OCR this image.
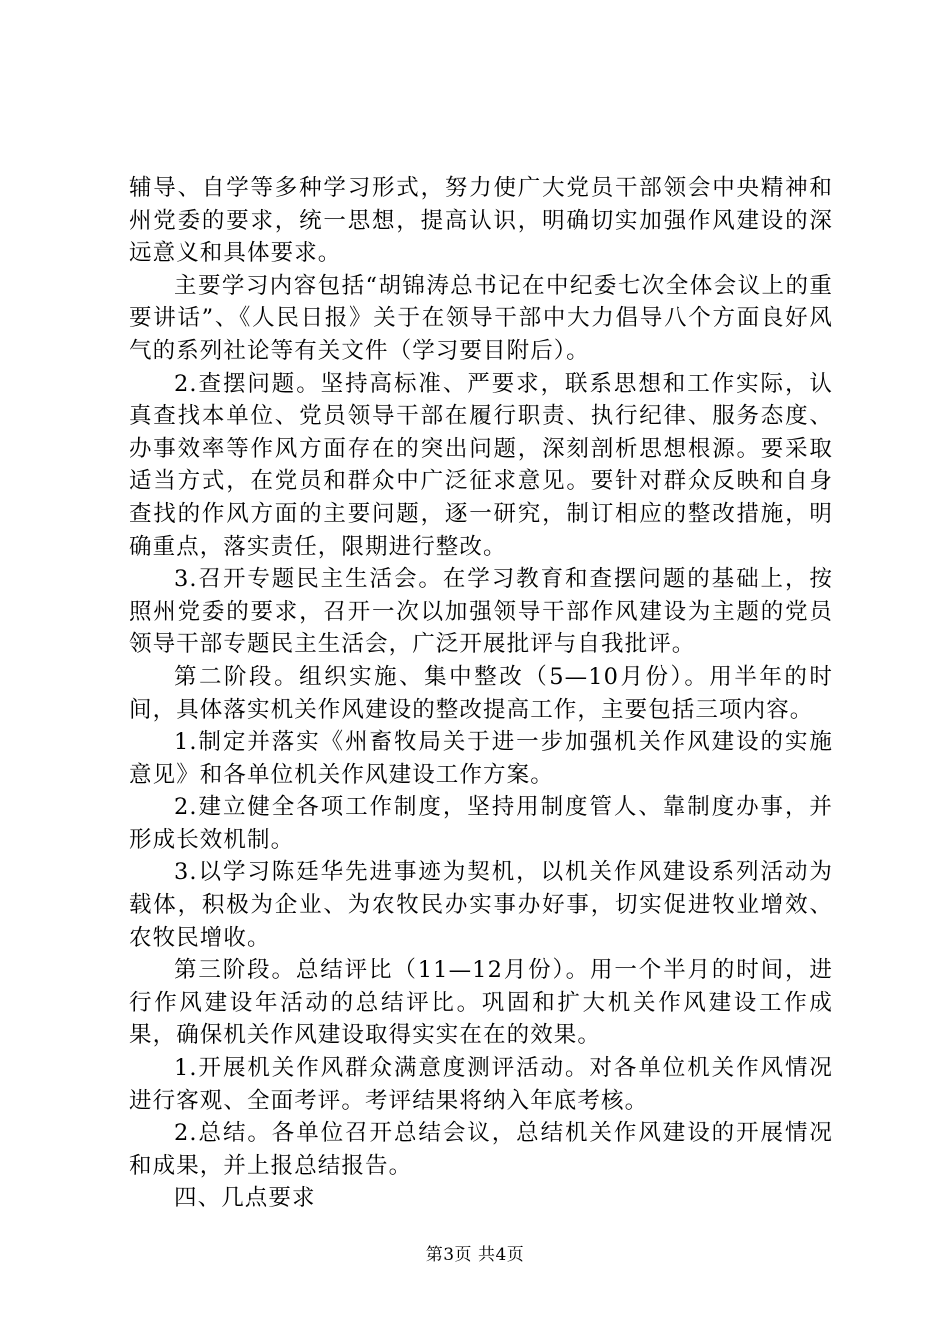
辅导、自学等多种学习形式，努力使广大党员干部领会中央精神和州党委的要求，统一思想，提高认识，明确切实加强作风建设的深远意义和具体要求。

主要学习内容包括“胡锦涛总书记在中纪委七次全体会议上的重要讲话”、《人民日报》关于在领导干部中大力倡导八个方面良好风气的系列社论等有关文件（学习要目附后）。

2.查摆问题。坚持高标准、严要求，联系思想和工作实际，认真查找本单位、党员领导干部在履行职责、执行纪律、服务态度、办事效率等作风方面存在的突出问题，深刻剖析思想根源。要采取适当方式，在党员和群众中广泛征求意见。要针对群众反映和自身查找的作风方面的主要问题，逐一研究，制订相应的整改措施，明确重点，落实责任，限期进行整改。

3.召开专题民主生活会。在学习教育和查摆问题的基础上，按照州党委的要求，召开一次以加强领导干部作风建设为主题的党员领导干部专题民主生活会，广泛开展批评与自我批评。

第二阶段。组织实施、集中整改（5—10月份）。用半年的时间，具体落实机关作风建设的整改提高工作，主要包括三项内容。

1.制定并落实《州畜牧局关于进一步加强机关作风建设的实施意见》和各单位机关作风建设工作方案。

2.建立健全各项工作制度，坚持用制度管人、靠制度办事，并形成长效机制。

3.以学习陈廷华先进事迹为契机，以机关作风建设系列活动为载体，积极为企业、为农牧民办实事办好事，切实促进牧业增效、农牧民增收。

第三阶段。总结评比（11—12月份）。用一个半月的时间，进行作风建设年活动的总结评比。巩固和扩大机关作风建设工作成果，确保机关作风建设取得实实在在的效果。

1.开展机关作风群众满意度测评活动。对各单位机关作风情况进行客观、全面考评。考评结果将纳入年底考核。

2.总结。各单位召开总结会议，总结机关作风建设的开展情况和成果，并上报总结报告。

四、几点要求

第3页 共4页
